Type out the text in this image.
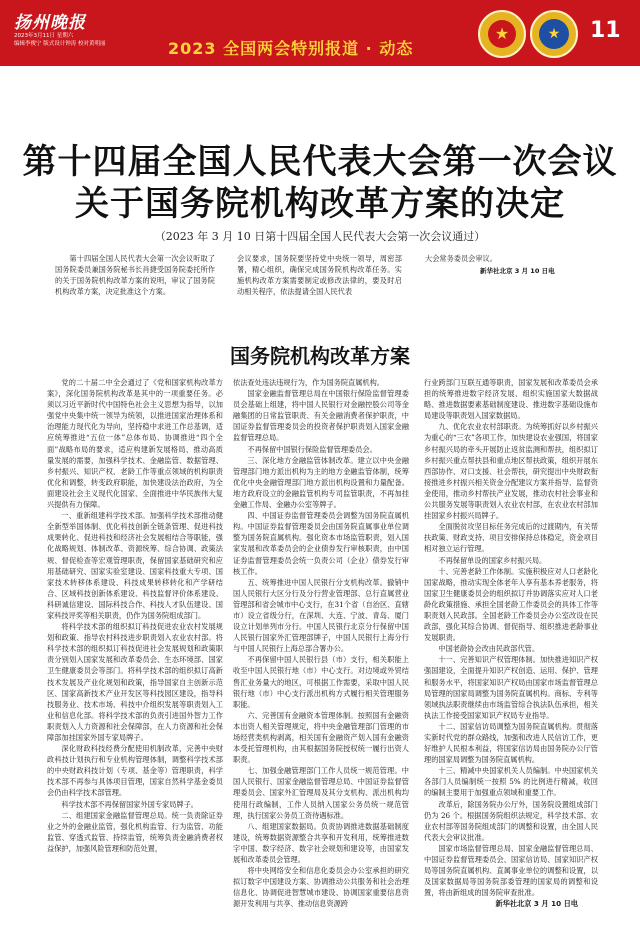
扬州晚报
2023年3月11日 星期六
编辑李俊宁 版式设计钟涛 校对黄明丽	2023 全国两会特别报道 · 动态
★	★	11
第十四届全国人民代表大会第一次会议
关于国务院机构改革方案的决定
（2023 年 3 月 10 日第十四届全国人民代表大会第一次会议通过）

第十四届全国人民代表大会第一次会议听取了国务院委员兼国务院秘书长肖捷受国务院委托所作的关于国务院机构改革方案的说明，审议了国务院机构改革方案，决定批准这个方案。

会议要求，国务院要坚持党中央统一领导，周密部署，精心组织，确保完成国务院机构改革任务。实施机构改革方案需要制定或修改法律的，要及时启动相关程序，依法提请全国人民代表

大会常务委员会审议。

新华社北京 3 月 10 日电
国务院机构改革方案

党的二十届二中全会通过了《党和国家机构改革方案》，深化国务院机构改革是其中的一项重要任务。必须以习近平新时代中国特色社会主义思想为指导，以加强党中央集中统一领导为统领，以推进国家治理体系和治理能力现代化为导向，坚持稳中求进工作总基调，适应统筹推进“五位一体”总体布局、协调推进“四个全面”战略布局的要求，适应构建新发展格局、推动高质量发展的需要，加强科学技术、金融监管、数据管理、乡村振兴、知识产权、老龄工作等重点领域的机构职责优化和调整，转变政府职能，加快建设法治政府，为全面建设社会主义现代化国家、全面推进中华民族伟大复兴提供有力保障。

一、重新组建科学技术部。加强科学技术部推动健全新型举国体制、优化科技创新全链条管理、促进科技成果转化、促进科技和经济社会发展相结合等职能，强化战略规划、体制改革、资源统筹、综合协调、政策法规、督促检查等宏观管理职责，保留国家基础研究和应用基础研究、国家实验室建设、国家科技重大专项、国家技术转移体系建设、科技成果转移转化和产学研结合、区域科技创新体系建设、科技监督评价体系建设、科研诚信建设、国际科技合作、科技人才队伍建设、国家科技评奖等相关职责，仍作为国务院组成部门。

将科学技术部的组织拟订科技促进农业农村发展规划和政策、指导农村科技进步职责划入农业农村部。将科学技术部的组织拟订科技促进社会发展规划和政策职责分别划入国家发展和改革委员会、生态环境部、国家卫生健康委员会等部门。将科学技术部的组织拟订高新技术发展及产业化规划和政策，指导国家自主创新示范区、国家高新技术产业开发区等科技园区建设，指导科技服务业、技术市场、科技中介组织发展等职责划入工业和信息化部。将科学技术部的负责引进国外智力工作职责划入人力资源和社会保障部，在人力资源和社会保障部加挂国家外国专家局牌子。

深化财政科技经费分配使用机制改革，完善中央财政科技计划执行和专业机构管理体制，调整科学技术部的中央财政科技计划（专项、基金等）管理职责，科学技术部不再参与具体项目管理，国家自然科学基金委员会仍由科学技术部管理。

科学技术部不再保留国家外国专家局牌子。

二、组建国家金融监督管理总局。统一负责除证券业之外的金融业监管，强化机构监管、行为监管、功能监管、穿透式监管、持续监管，统筹负责金融消费者权益保护，加强风险管理和防范处置，

依法查处违法违规行为，作为国务院直属机构。

国家金融监督管理总局在中国银行保险监督管理委员会基础上组建，将中国人民银行对金融控股公司等金融集团的日常监管职责、有关金融消费者保护职责，中国证券监督管理委员会的投资者保护职责划入国家金融监督管理总局。

不再保留中国银行保险监督管理委员会。

三、深化地方金融监管体制改革。建立以中央金融管理部门地方派出机构为主的地方金融监管体制，统筹优化中央金融管理部门地方派出机构设置和力量配备。地方政府设立的金融监管机构专司监管职责，不再加挂金融工作局、金融办公室等牌子。

四、中国证券监督管理委员会调整为国务院直属机构。中国证券监督管理委员会由国务院直属事业单位调整为国务院直属机构。强化资本市场监管职责，划入国家发展和改革委员会的企业债券发行审核职责，由中国证券监督管理委员会统一负责公司（企业）债券发行审核工作。

五、统筹推进中国人民银行分支机构改革。撤销中国人民银行大区分行及分行营业管理部、总行直属营业管理部和省会城市中心支行，在31个省（自治区、直辖市）设立省级分行，在深圳、大连、宁波、青岛、厦门设立计划单列市分行。中国人民银行北京分行保留中国人民银行国家外汇管理部牌子，中国人民银行上海分行与中国人民银行上海总部合署办公。

不再保留中国人民银行县（市）支行，相关职能上收至中国人民银行地（市）中心支行。对边境或外贸结售汇业务量大的地区，可根据工作需要，采取中国人民银行地（市）中心支行派出机构方式履行相关管理服务职能。

六、完善国有金融资本管理体制。按照国有金融资本出资人相关管理规定，将中央金融管理部门管理的市场经营类机构剥离，相关国有金融资产划入国有金融资本受托管理机构，由其根据国务院授权统一履行出资人职责。

七、加强金融管理部门工作人员统一规范管理。中国人民银行、国家金融监督管理总局、中国证券监督管理委员会、国家外汇管理局及其分支机构、派出机构均使用行政编制，工作人员纳入国家公务员统一规范管理，执行国家公务员工资待遇标准。

八、组建国家数据局。负责协调推进数据基础制度建设，统筹数据资源整合共享和开发利用，统筹推进数字中国、数字经济、数字社会规划和建设等，由国家发展和改革委员会管理。

将中央网络安全和信息化委员会办公室承担的研究拟订数字中国建设方案、协调推动公共服务和社会治理信息化、协调促进智慧城市建设、协调国家重要信息资源开发利用与共享、推动信息资源跨

行业跨部门互联互通等职责，国家发展和改革委员会承担的统筹推进数字经济发展、组织实施国家大数据战略、推进数据要素基础制度建设、推进数字基础设施布局建设等职责划入国家数据局。

九、优化农业农村部职责。为统筹抓好以乡村振兴为重心的“三农”各项工作，加快建设农业强国，将国家乡村振兴局的牵头开展防止返贫监测和帮扶，组织拟订乡村振兴重点帮扶县和重点地区帮扶政策，组织开展东西部协作、对口支援、社会帮扶，研究提出中央财政衔接推进乡村振兴相关资金分配建议方案并指导、监督资金使用，推动乡村帮扶产业发展，推动农村社会事业和公共服务发展等职责划入农业农村部，在农业农村部加挂国家乡村振兴局牌子。

全面脱贫攻坚目标任务完成后的过渡期内，有关帮扶政策、财政支持、项目安排保持总体稳定，资金项目相对独立运行管理。

不再保留单设的国家乡村振兴局。

十、完善老龄工作体制。实施积极应对人口老龄化国家战略，推动实现全体老年人享有基本养老服务，将国家卫生健康委员会的组织拟订并协调落实应对人口老龄化政策措施、承担全国老龄工作委员会的具体工作等职责划入民政部。全国老龄工作委员会办公室改设在民政部，强化其综合协调、督促指导、组织推进老龄事业发展职责。

中国老龄协会改由民政部代管。

十一、完善知识产权管理体制。加快推进知识产权强国建设，全面提升知识产权创造、运用、保护、管理和服务水平，将国家知识产权局由国家市场监督管理总局管理的国家局调整为国务院直属机构。商标、专利等领域执法职责继续由市场监管综合执法队伍承担，相关执法工作接受国家知识产权局专业指导。

十二、国家信访局调整为国务院直属机构。贯彻落实新时代党的群众路线，加强和改进人民信访工作，更好维护人民根本利益，将国家信访局由国务院办公厅管理的国家局调整为国务院直属机构。

十三、精减中央国家机关人员编制。中央国家机关各部门人员编制统一按照 5% 的比例进行精减，收回的编制主要用于加强重点领域和重要工作。

改革后，除国务院办公厅外，国务院设置组成部门仍为 26 个。根据国务院组织法规定，科学技术部、农业农村部等国务院组成部门的调整和设置，由全国人民代表大会审议批准。

国家市场监督管理总局、国家金融监督管理总局、中国证券监督管理委员会、国家信访局、国家知识产权局等国务院直属机构、直属事业单位的调整和设置，以及国家数据局等国务院部委管理的国家局的调整和设置，将由新组成的国务院审查批准。

新华社北京 3 月 10 日电
